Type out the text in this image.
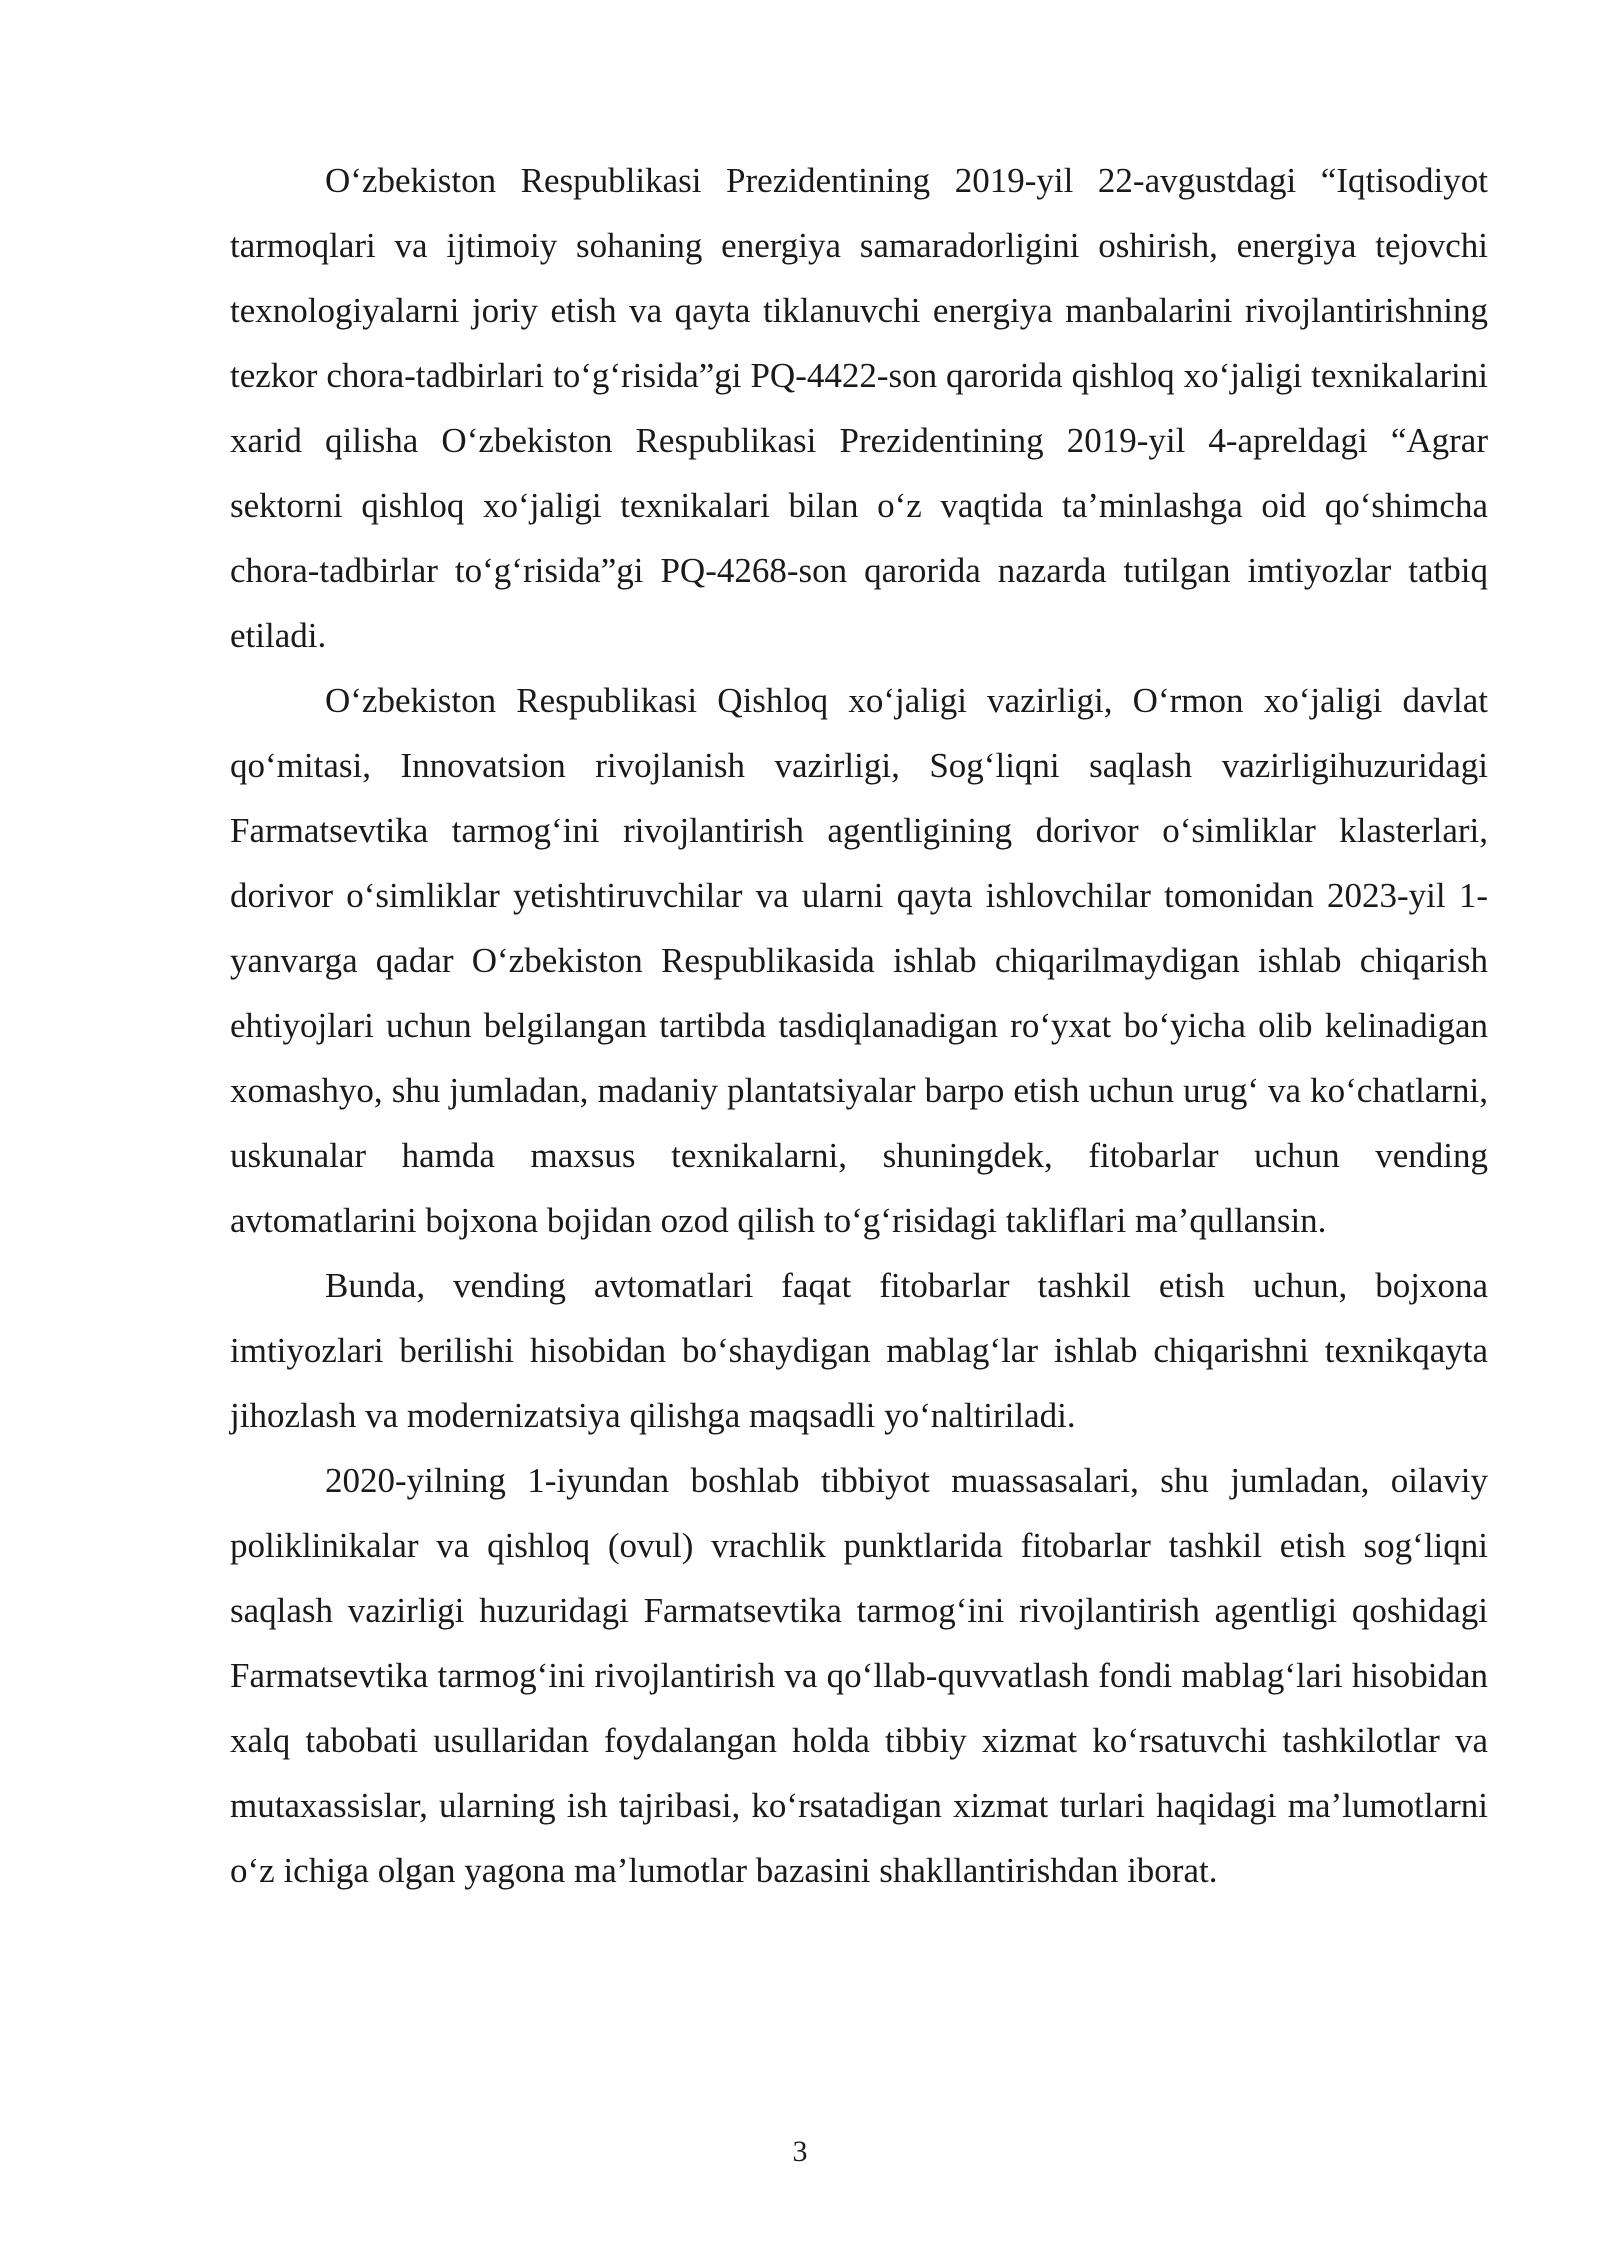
O‘zbekiston Respublikasi Prezidentining 2019-yil 22-avgustdagi “Iqtisodiyot tarmoqlari va ijtimoiy sohaning energiya samaradorligini oshirish, energiya tejovchi texnologiyalarni joriy etish va qayta tiklanuvchi energiya manbalarini rivojlantirishning tezkor chora-tadbirlari to‘g‘risida”gi PQ-4422-son qarorida qishloq xo‘jaligi texnikalarini xarid qilisha O‘zbekiston Respublikasi Prezidentining 2019-yil 4-apreldagi “Agrar sektorni qishloq xo‘jaligi texnikalari bilan o‘z vaqtida ta’minlashga oid qo‘shimcha chora-tadbirlar to‘g‘risida”gi PQ-4268-son qarorida nazarda tutilgan imtiyozlar tatbiq etiladi.

O‘zbekiston Respublikasi Qishloq xo‘jaligi vazirligi, O‘rmon xo‘jaligi davlat qo‘mitasi, Innovatsion rivojlanish vazirligi, Sog‘liqni saqlash vazirligihuzuridagi Farmatsevtika tarmog‘ini rivojlantirish agentligining dorivor o‘simliklar klasterlari, dorivor o‘simliklar yetishtiruvchilar va ularni qayta ishlovchilar tomonidan 2023-yil 1-yanvarga qadar O‘zbekiston Respublikasida ishlab chiqarilmaydigan ishlab chiqarish ehtiyojlari uchun belgilangan tartibda tasdiqlanadigan ro‘yxat bo‘yicha olib kelinadigan xomashyo, shu jumladan, madaniy plantatsiyalar barpo etish uchun urug‘ va ko‘chatlarni, uskunalar hamda maxsus texnikalarni, shuningdek, fitobarlar uchun vending avtomatlarini bojxona bojidan ozod qilish to‘g‘risidagi takliflari ma’qullansin.

Bunda, vending avtomatlari faqat fitobarlar tashkil etish uchun, bojxona imtiyozlari berilishi hisobidan bo‘shaydigan mablag‘lar ishlab chiqarishni texnikqayta jihozlash va modernizatsiya qilishga maqsadli yo‘naltiriladi.

2020-yilning 1-iyundan boshlab tibbiyot muassasalari, shu jumladan, oilaviy poliklinikalar va qishloq (ovul) vrachlik punktlarida fitobarlar tashkil etish sog‘liqni saqlash vazirligi huzuridagi Farmatsevtika tarmog‘ini rivojlantirish agentligi qoshidagi Farmatsevtika tarmog‘ini rivojlantirish va qo‘llab-quvvatlash fondi mablag‘lari hisobidan xalq tabobati usullaridan foydalangan holda tibbiy xizmat ko‘rsatuvchi tashkilotlar va mutaxassislar, ularning ish tajribasi, ko‘rsatadigan xizmat turlari haqidagi ma’lumotlarni o‘z ichiga olgan yagona ma’lumotlar bazasini shakllantirishdan iborat.

3
